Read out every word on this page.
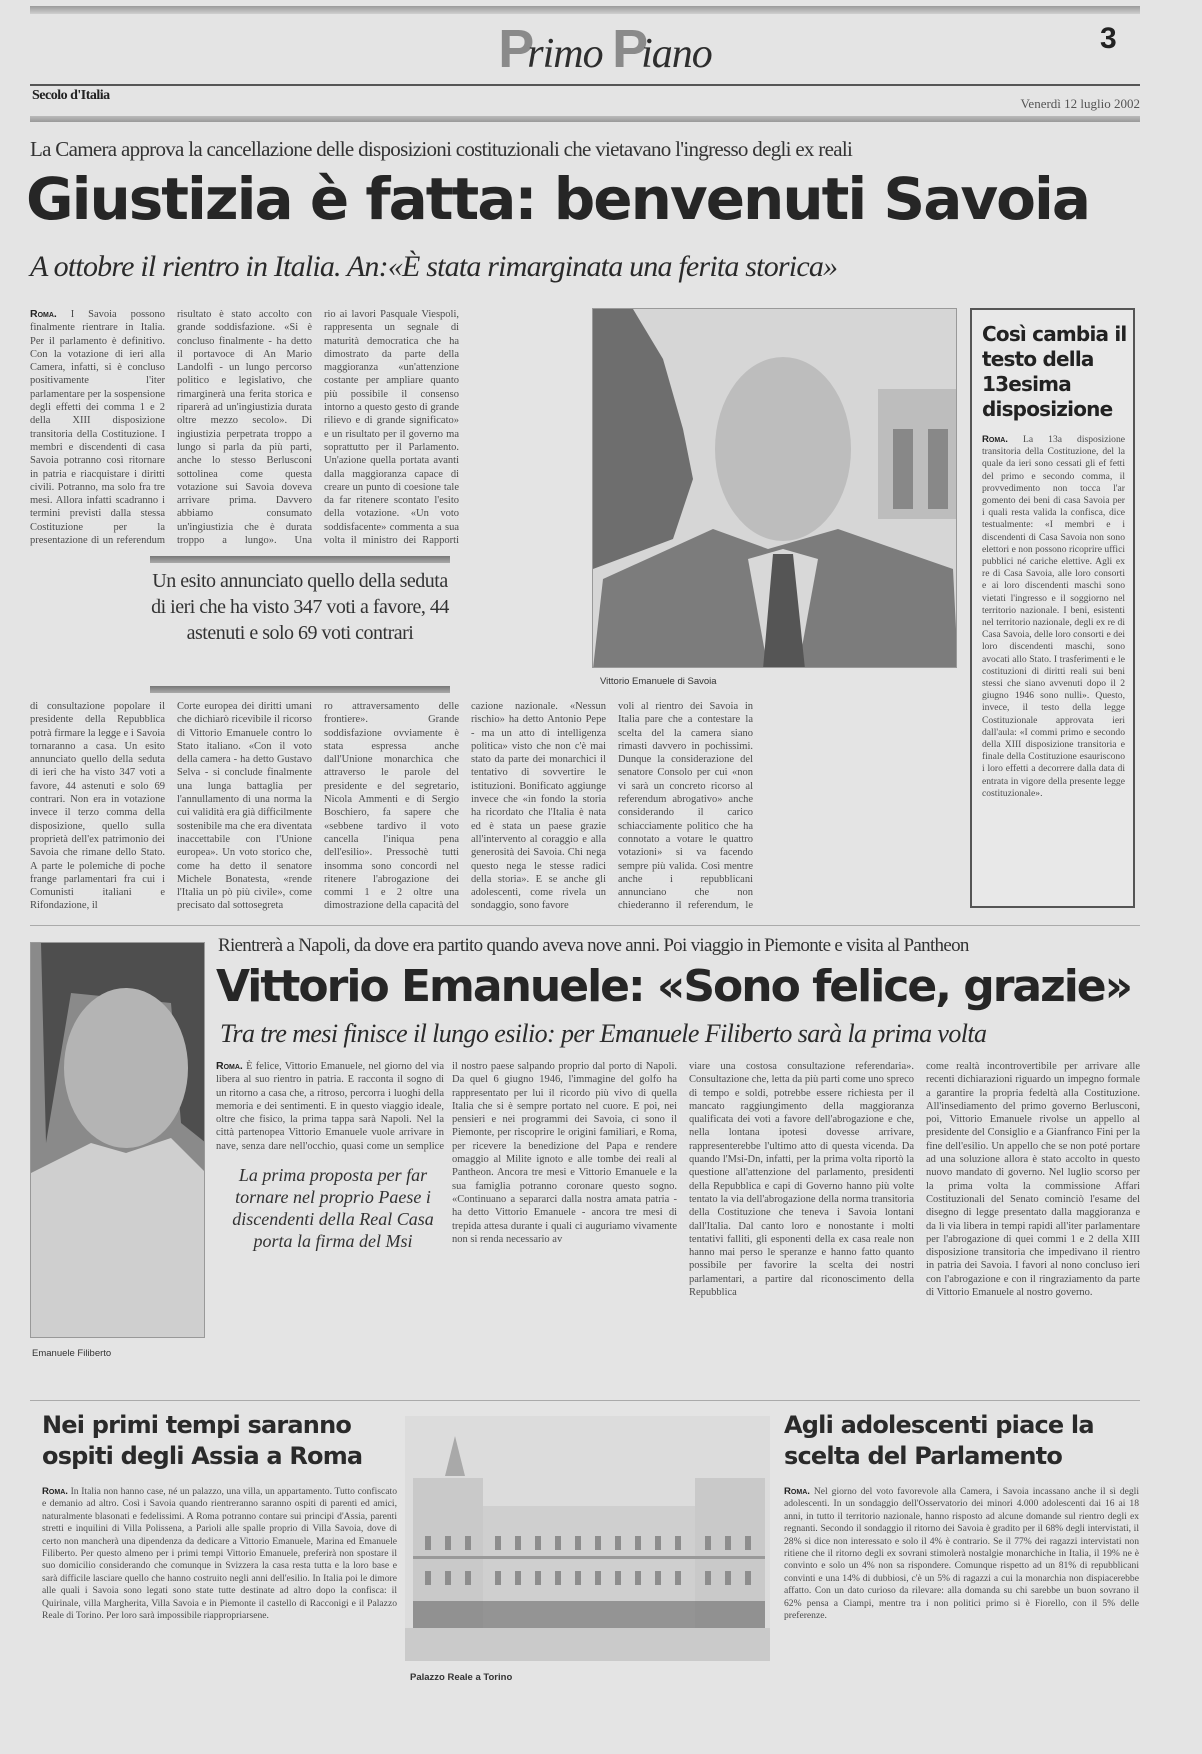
Primo Piano	3
Secolo d'Italia
Venerdì 12 luglio 2002
La Camera approva la cancellazione delle disposizioni costituzionali che vietavano l'ingresso degli ex reali
Giustizia è fatta: benvenuti Savoia
A ottobre il rientro in Italia. An:«È stata rimarginata una ferita storica»

Roma. I Savoia possono finalmente rientrare in Italia. Per il parlamento è definitivo. Con la votazione di ieri alla Camera, infatti, si è concluso positivamente l'iter parlamentare per la sospensione degli effetti dei comma 1 e 2 della XIII disposizione transitoria della Costituzione. I membri e discendenti di casa Savoia potranno così ritornare in patria e riacquistare i diritti civili. Potranno, ma solo fra tre mesi. Allora infatti scadranno i termini previsti dalla stessa Costituzione per la presentazione di un referendum

risultato è stato accolto con grande soddisfazione. «Si è concluso finalmente - ha detto il portavoce di An Mario Landolfi - un lungo percorso politico e legislativo, che rimarginerà una ferita storica e riparerà ad un'ingiustizia durata oltre mezzo secolo». Di ingiustizia perpetrata troppo a lungo si parla da più parti, anche lo stesso Berlusconi sottolinea come questa votazione sui Savoia doveva arrivare prima. Davvero abbiamo consumato un'ingiustizia che è durata troppo a lungo». Una

rio ai lavori Pasquale Viespoli, rappresenta un segnale di maturità democratica che ha dimostrato da parte della maggioranza «un'attenzione costante per ampliare quanto più possibile il consenso intorno a questo gesto di grande rilievo e di grande significato» e un risultato per il governo ma soprattutto per il Parlamento. Un'azione quella portata avanti dalla maggioranza capace di creare un punto di coesione tale da far ritenere scontato l'esito della votazione. «Un voto soddisfacente» commenta a sua volta il ministro dei Rapporti

Un esito annunciato quello della seduta di ieri che ha visto 347 voti a favore, 44 astenuti e solo 69 voti contrari
Vittorio Emanuele di Savoia

di consultazione popolare il presidente della Repubblica potrà firmare la legge e i Savoia tornaranno a casa. Un esito annunciato quello della seduta di ieri che ha visto 347 voti a favore, 44 astenuti e solo 69 contrari. Non era in votazione invece il terzo comma della disposizione, quello sulla proprietà dell'ex patrimonio dei Savoia che rimane dello Stato. A parte le polemiche di poche frange parlamentari fra cui i Comunisti italiani e Rifondazione, il

Corte europea dei diritti umani che dichiarò ricevibile il ricorso di Vittorio Emanuele contro lo Stato italiano. «Con il voto della camera - ha detto Gustavo Selva - si conclude finalmente una lunga battaglia per l'annullamento di una norma la cui validità era già difficilmente sostenibile ma che era diventata inaccettabile con l'Unione europea». Un voto storico che, come ha detto il senatore Michele Bonatesta, «rende l'Italia un pò più civile», come precisato dal sottosegreta

ro attraversamento delle frontiere». Grande soddisfazione ovviamente è stata espressa anche dall'Unione monarchica che attraverso le parole del presidente e del segretario, Nicola Ammenti e di Sergio Boschiero, fa sapere che «sebbene tardivo il voto cancella l'iniqua pena dell'esilio». Pressochè tutti insomma sono concordi nel ritenere l'abrogazione dei commi 1 e 2 oltre una dimostrazione della capacità del

cazione nazionale. «Nessun rischio» ha detto Antonio Pepe - ma un atto di intelligenza politica» visto che non c'è mai stato da parte dei monarchici il tentativo di sovvertire le istituzioni. Bonificato aggiunge invece che «in fondo la storia ha ricordato che l'Italia è nata ed è stata un paese grazie all'intervento al coraggio e alla generosità dei Savoia. Chi nega questo nega le stesse radici della storia». E se anche gli adolescenti, come rivela un sondaggio, sono favore

voli al rientro dei Savoia in Italia pare che a contestare la scelta del la camera siano rimasti davvero in pochissimi. Dunque la considerazione del senatore Consolo per cui «non vi sarà un concreto ricorso al referendum abrogativo» anche considerando il carico schiacciamente politico che ha connotato a votare le quattro votazioni» si va facendo sempre più valida. Così mentre anche i repubblicani annunciano che non chiederanno il referendum, le

Così cambia il testo della 13esima disposizione

Roma. La 13a disposizione transitoria della Costituzione, del la quale da ieri sono cessati gli ef fetti del primo e secondo comma, il provvedimento non tocca l'ar gomento dei beni di casa Savoia per i quali resta valida la confisca, dice testualmente: «I membri e i discendenti di Casa Savoia non sono elettori e non possono ricoprire uffici pubblici né cariche elettive. Agli ex re di Casa Savoia, alle loro consorti e ai loro discendenti maschi sono vietati l'ingresso e il soggiorno nel territorio nazionale. I beni, esistenti nel territorio nazionale, degli ex re di Casa Savoia, delle loro consorti e dei loro discendenti maschi, sono avocati allo Stato. I trasferimenti e le costituzioni di diritti reali sui beni stessi che siano avvenuti dopo il 2 giugno 1946 sono nulli». Questo, invece, il testo della legge Costituzionale approvata ieri dall'aula: «I commi primo e secondo della XIII disposizione transitoria e finale della Costituzione esauriscono i loro effetti a decorrere dalla data di entrata in vigore della presente legge costituzionale».

Emanuele Filiberto
Rientrerà a Napoli, da dove era partito quando aveva nove anni. Poi viaggio in Piemonte e visita al Pantheon
Vittorio Emanuele: «Sono felice, grazie»
Tra tre mesi finisce il lungo esilio: per Emanuele Filiberto sarà la prima volta

Roma. È felice, Vittorio Emanuele, nel giorno del via libera al suo rientro in patria. E racconta il sogno di un ritorno a casa che, a ritroso, percorra i luoghi della memoria e dei sentimenti. E in questo viaggio ideale, oltre che fisico, la prima tappa sarà Napoli. Nel la città partenopea Vittorio Emanuele vuole arrivare in nave, senza dare nell'occhio, quasi come un semplice

La prima proposta per far tornare nel proprio Paese i discendenti della Real Casa porta la firma del Msi

il nostro paese salpando proprio dal porto di Napoli. Da quel 6 giugno 1946, l'immagine del golfo ha rappresentato per lui il ricordo più vivo di quella Italia che si è sempre portato nel cuore. E poi, nei pensieri e nei programmi dei Savoia, ci sono il Piemonte, per riscoprire le origini familiari, e Roma, per ricevere la benedizione del Papa e rendere omaggio al Milite ignoto e alle tombe dei reali al Pantheon. Ancora tre mesi e Vittorio Emanuele e la sua famiglia potranno coronare questo sogno. «Continuano a separarci dalla nostra amata patria - ha detto Vittorio Emanuele - ancora tre mesi di trepida attesa durante i quali ci auguriamo vivamente non si renda necessario av

viare una costosa consultazione referendaria». Consultazione che, letta da più parti come uno spreco di tempo e soldi, potrebbe essere richiesta per il mancato raggiungimento della maggioranza qualificata dei voti a favore dell'abrogazione e che, nella lontana ipotesi dovesse arrivare, rappresenterebbe l'ultimo atto di questa vicenda. Da quando l'Msi-Dn, infatti, per la prima volta riportò la questione all'attenzione del parlamento, presidenti della Repubblica e capi di Governo hanno più volte tentato la via dell'abrogazione della norma transitoria della Costituzione che teneva i Savoia lontani dall'Italia. Dal canto loro e nonostante i molti tentativi falliti, gli esponenti della ex casa reale non hanno mai perso le speranze e hanno fatto quanto possibile per favorire la scelta dei nostri parlamentari, a partire dal riconoscimento della Repubblica

come realtà incontrovertibile per arrivare alle recenti dichiarazioni riguardo un impegno formale a garantire la propria fedeltà alla Costituzione. All'insediamento del primo governo Berlusconi, poi, Vittorio Emanuele rivolse un appello al presidente del Consiglio e a Gianfranco Fini per la fine dell'esilio. Un appello che se non poté portare ad una soluzione allora è stato accolto in questo nuovo mandato di governo. Nel luglio scorso per la prima volta la commissione Affari Costituzionali del Senato cominciò l'esame del disegno di legge presentato dalla maggioranza e da lì via libera in tempi rapidi all'iter parlamentare per l'abrogazione di quei commi 1 e 2 della XIII disposizione transitoria che impedivano il rientro in patria dei Savoia. I favori al nono concluso ieri con l'abrogazione e con il ringraziamento da parte di Vittorio Emanuele al nostro governo.

Nei primi tempi saranno ospiti degli Assia a Roma

Roma. In Italia non hanno case, né un palazzo, una villa, un appartamento. Tutto confiscato e demanio ad altro. Così i Savoia quando rientreranno saranno ospiti di parenti ed amici, naturalmente blasonati e fedelissimi. A Roma potranno contare sui principi d'Assia, parenti stretti e inquilini di Villa Polissena, a Parioli alle spalle proprio di Villa Savoia, dove di certo non mancherà una dipendenza da dedicare a Vittorio Emanuele, Marina ed Emanuele Filiberto. Per questo almeno per i primi tempi Vittorio Emanuele, preferirà non spostare il suo domicilio considerando che comunque in Svizzera la casa resta tutta e la loro base e sarà difficile lasciare quello che hanno costruito negli anni dell'esilio. In Italia poi le dimore alle quali i Savoia sono legati sono state tutte destinate ad altro dopo la confisca: il Quirinale, villa Margherita, Villa Savoia e in Piemonte il castello di Racconigi e il Palazzo Reale di Torino. Per loro sarà impossibile riappropriarsene.

Palazzo Reale a Torino
Agli adolescenti piace la scelta del Parlamento

Roma. Nel giorno del voto favorevole alla Camera, i Savoia incassano anche il sì degli adolescenti. In un sondaggio dell'Osservatorio dei minori 4.000 adolescenti dai 16 ai 18 anni, in tutto il territorio nazionale, hanno risposto ad alcune domande sul rientro degli ex regnanti. Secondo il sondaggio il ritorno dei Savoia è gradito per il 68% degli intervistati, il 28% si dice non interessato e solo il 4% è contrario. Se il 77% dei ragazzi intervistati non ritiene che il ritorno degli ex sovrani stimolerà nostalgie monarchiche in Italia, il 19% ne è convinto e solo un 4% non sa rispondere. Comunque rispetto ad un 81% di repubblicani convinti e una 14% di dubbiosi, c'è un 5% di ragazzi a cui la monarchia non dispiacerebbe affatto. Con un dato curioso da rilevare: alla domanda su chi sarebbe un buon sovrano il 62% pensa a Ciampi, mentre tra i non politici primo si è Fiorello, con il 5% delle preferenze.
